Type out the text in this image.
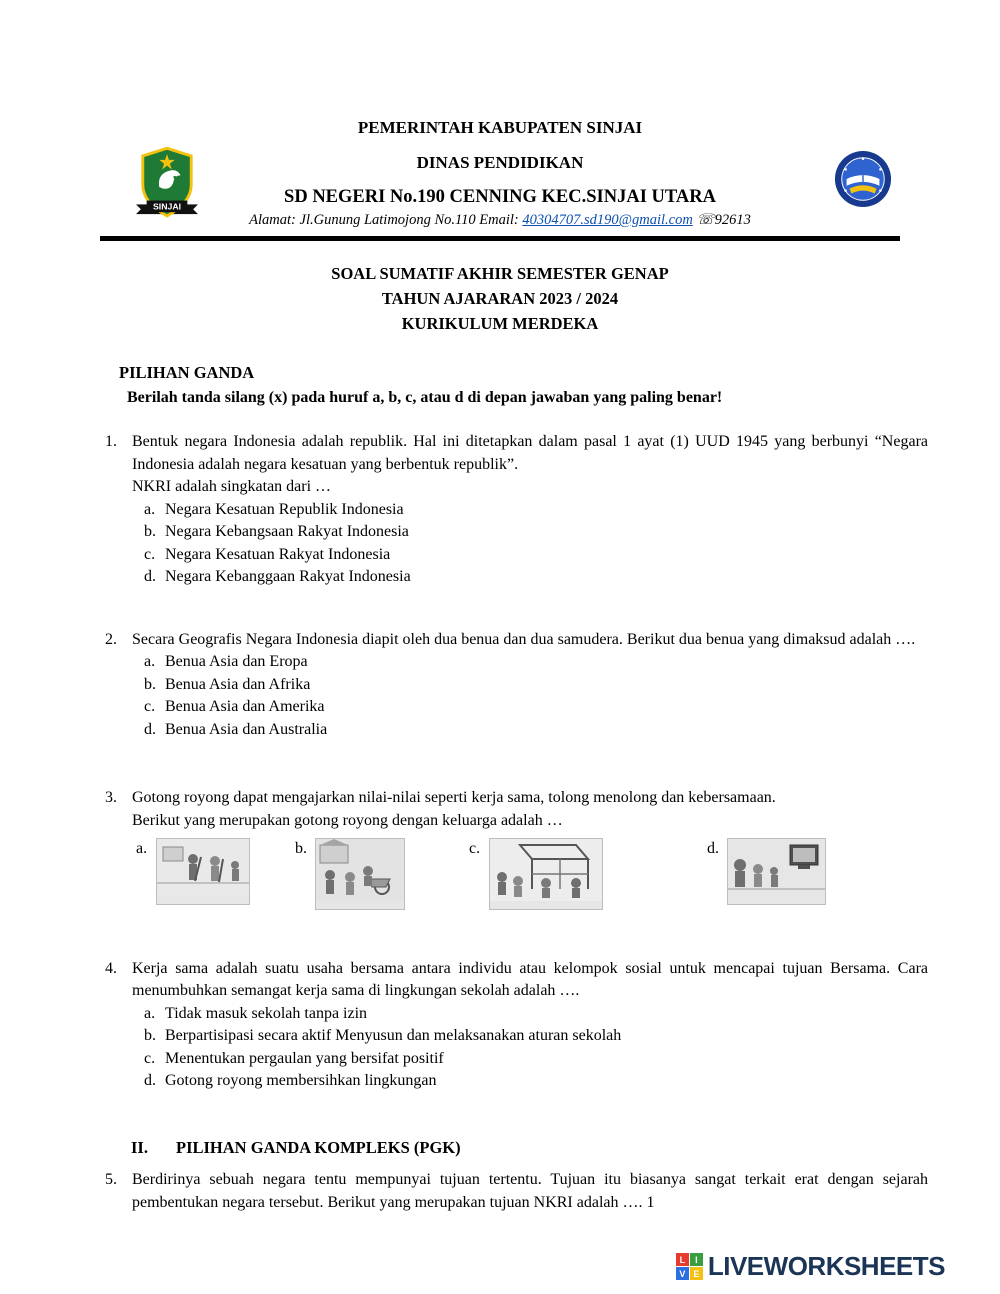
SINJAI
PEMERINTAH KABUPATEN SINJAI
DINAS PENDIDIKAN
SD NEGERI No.190 CENNING KEC.SINJAI UTARA
Alamat: Jl.Gunung Latimojong No.110 Email: 40304707.sd190@gmail.com ☏92613
SOAL SUMATIF AKHIR SEMESTER GENAP
TAHUN AJARARAN 2023 / 2024
KURIKULUM MERDEKA
PILIHAN GANDA
Berilah tanda silang (x) pada huruf a, b, c, atau d di depan jawaban yang paling benar!
1. Bentuk negara Indonesia adalah republik. Hal ini ditetapkan dalam pasal 1 ayat (1) UUD 1945 yang berbunyi “Negara Indonesia adalah negara kesatuan yang berbentuk republik”.

NKRI adalah singkatan dari …

a. Negara Kesatuan Republik Indonesia
b. Negara Kebangsaan Rakyat Indonesia
c. Negara Kesatuan Rakyat Indonesia
d. Negara Kebanggaan Rakyat Indonesia
2. Secara Geografis Negara Indonesia diapit oleh dua benua dan dua samudera. Berikut dua benua yang dimaksud adalah ….

a. Benua Asia dan Eropa
b. Benua Asia dan Afrika
c. Benua Asia dan Amerika
d. Benua Asia dan Australia
3. Gotong royong dapat mengajarkan nilai-nilai seperti kerja sama, tolong menolong dan kebersamaan.

Berikut yang merupakan gotong royong dengan keluarga adalah …

a.	b.	c.	d.
4. Kerja sama adalah suatu usaha bersama antara individu atau kelompok sosial untuk mencapai tujuan Bersama. Cara menumbuhkan semangat kerja sama di lingkungan sekolah adalah ….

a. Tidak masuk sekolah tanpa izin
b. Berpartisipasi secara aktif Menyusun dan melaksanakan aturan sekolah
c. Menentukan pergaulan yang bersifat positif
d. Gotong royong membersihkan lingkungan
II.	PILIHAN GANDA KOMPLEKS (PGK)
5. Berdirinya sebuah negara tentu mempunyai tujuan tertentu. Tujuan itu biasanya sangat terkait erat dengan sejarah pembentukan negara tersebut. Berikut yang merupakan tujuan NKRI adalah …. 1

L	I
V E LIVEWORKSHEETS
